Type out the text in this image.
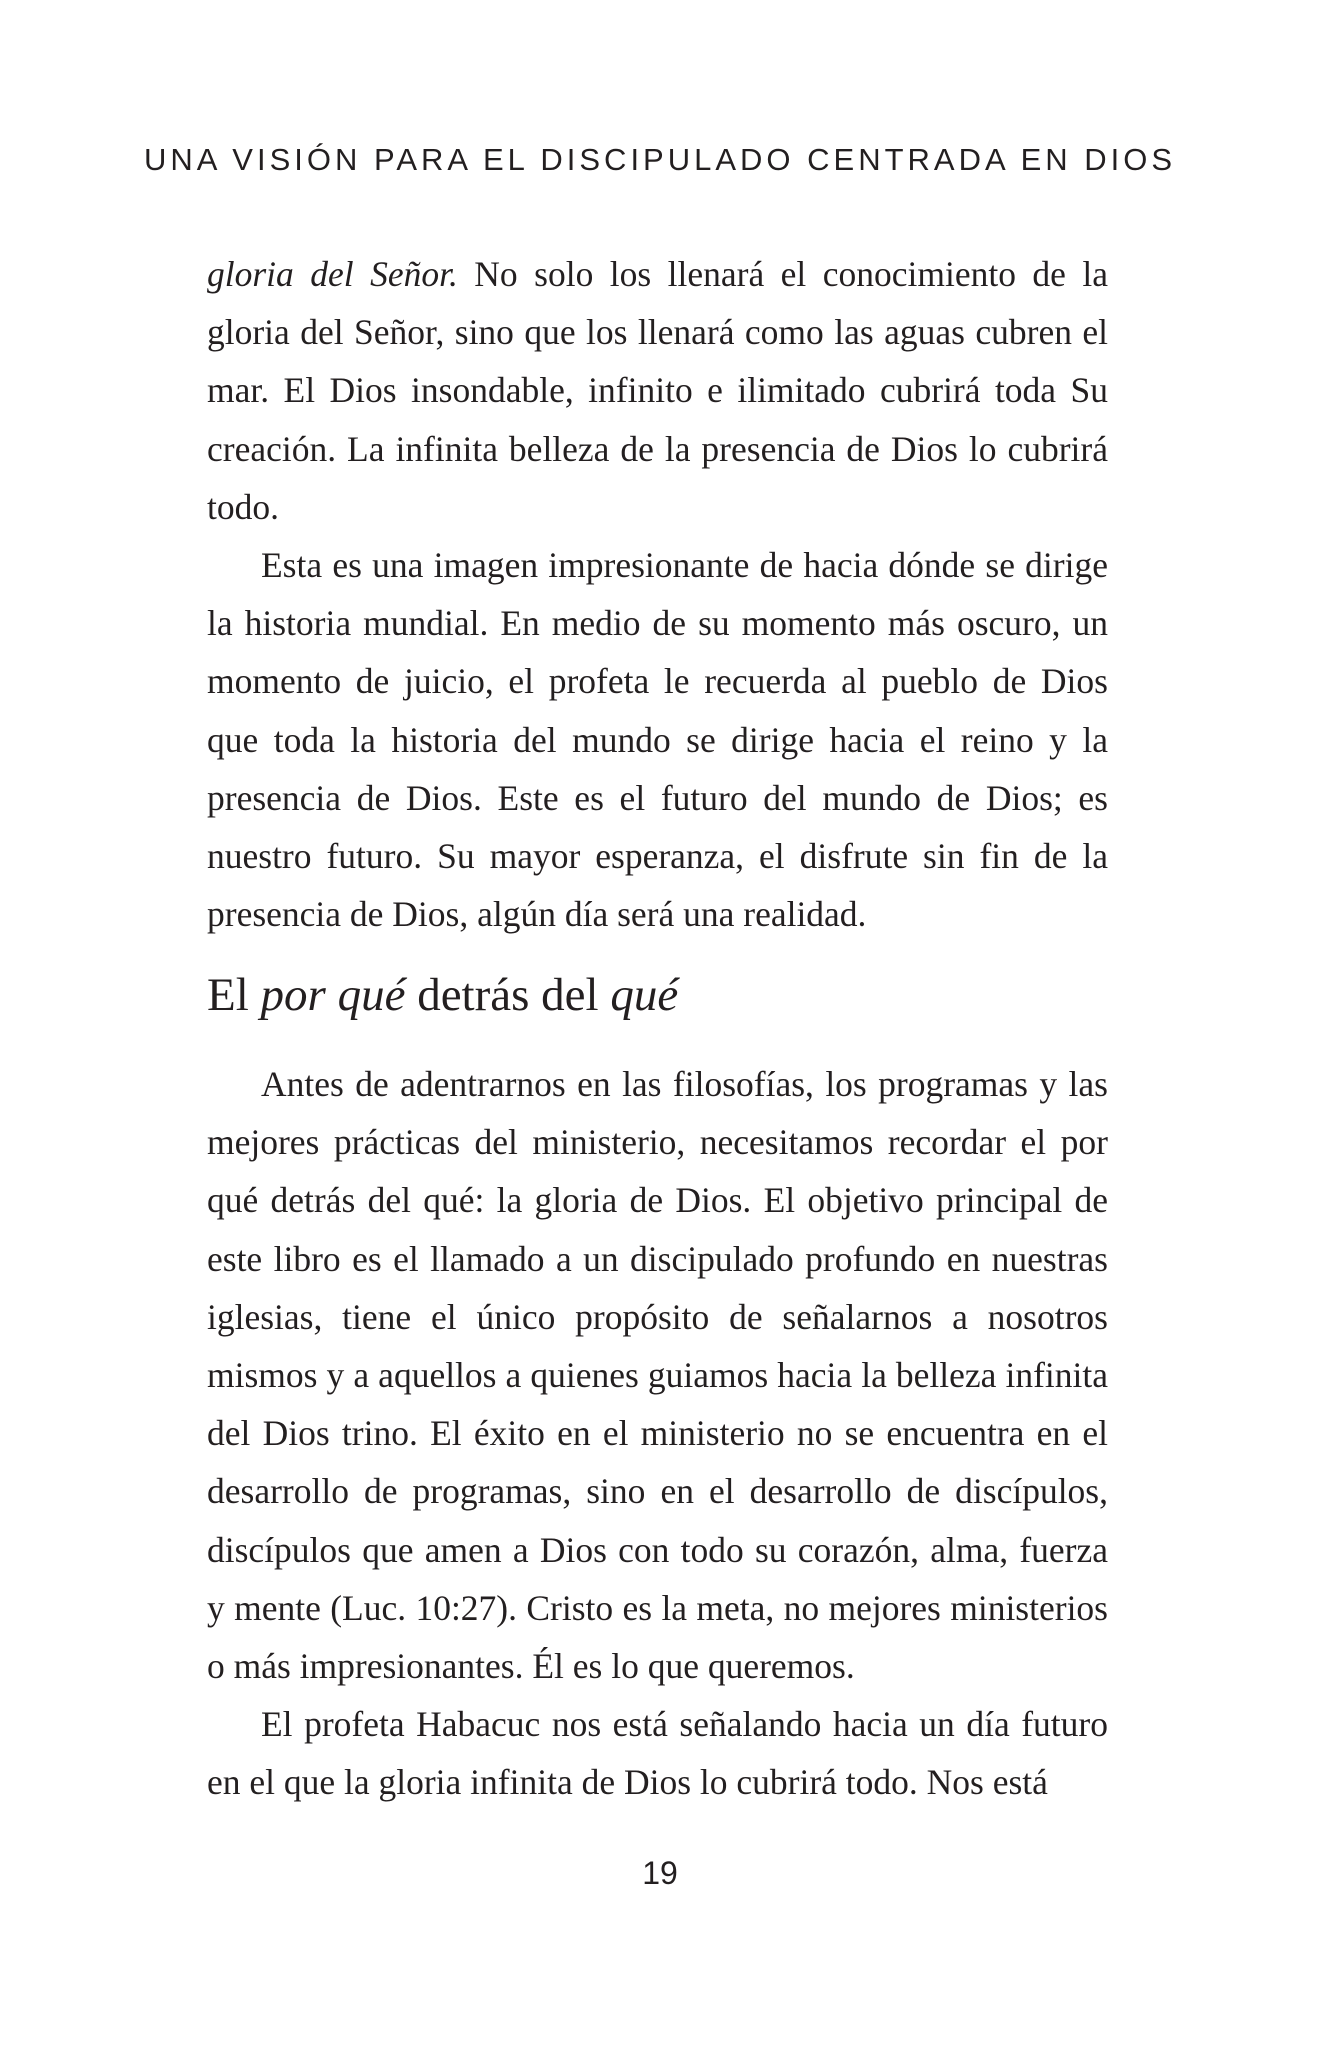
UNA VISIÓN PARA EL DISCIPULADO CENTRADA EN DIOS

gloria del Señor. No solo los llenará el conocimiento de la gloria del Señor, sino que los llenará como las aguas cubren el mar. El Dios insondable, infinito e ilimitado cubrirá toda Su creación. La infinita belleza de la presencia de Dios lo cubrirá todo.

Esta es una imagen impresionante de hacia dónde se dirige la historia mundial. En medio de su momento más oscuro, un momento de juicio, el profeta le recuerda al pueblo de Dios que toda la historia del mundo se dirige hacia el reino y la presencia de Dios. Este es el futuro del mundo de Dios; es nuestro futuro. Su mayor esperanza, el disfrute sin fin de la presencia de Dios, algún día será una realidad.

El por qué detrás del qué

Antes de adentrarnos en las filosofías, los programas y las mejores prácticas del ministerio, necesitamos recordar el por qué detrás del qué: la gloria de Dios. El objetivo principal de este libro es el llamado a un discipulado profundo en nuestras iglesias, tiene el único propósito de señalarnos a nosotros mismos y a aquellos a quienes guiamos hacia la belleza infinita del Dios trino. El éxito en el ministerio no se encuentra en el desarrollo de programas, sino en el desarrollo de discípulos, discípulos que amen a Dios con todo su corazón, alma, fuerza y mente (Luc. 10:27). Cristo es la meta, no mejores ministerios o más impresionantes. Él es lo que queremos.

El profeta Habacuc nos está señalando hacia un día futuro en el que la gloria infinita de Dios lo cubrirá todo. Nos está

19
